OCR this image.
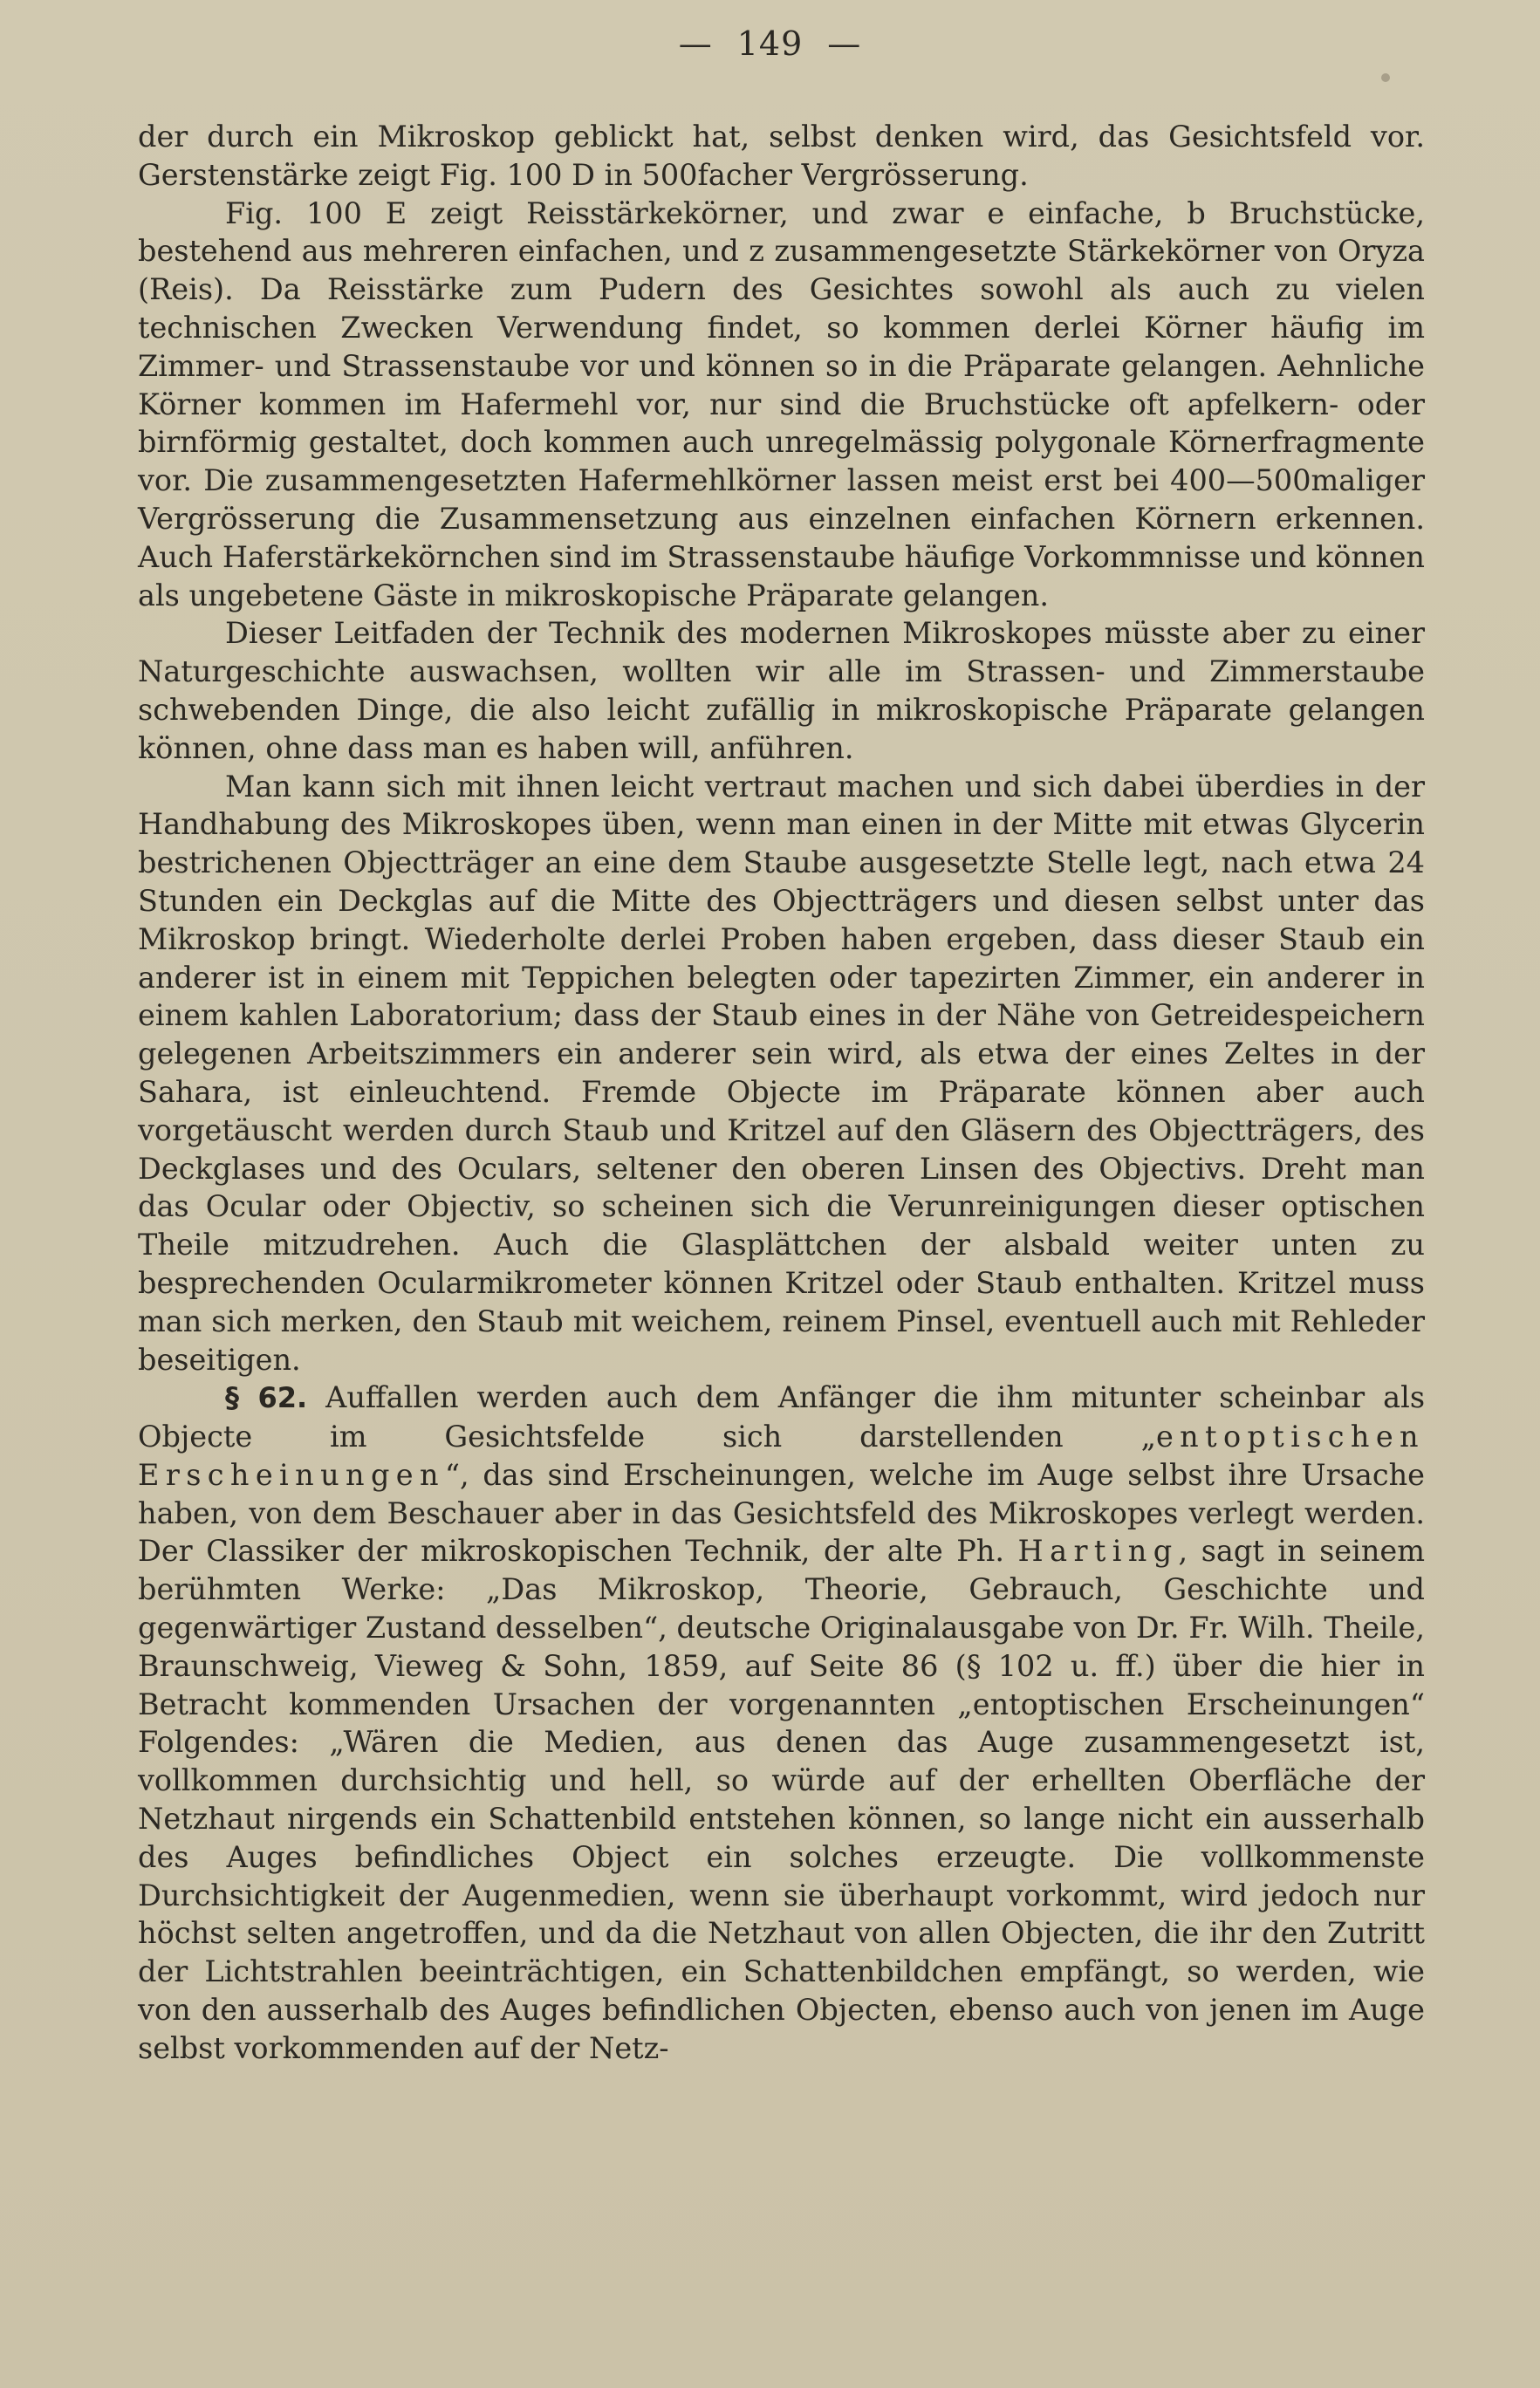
— 149 —

der durch ein Mikroskop geblickt hat, selbst denken wird, das Gesichtsfeld vor. Gerstenstärke zeigt Fig. 100 D in 500facher Vergrösserung.

Fig. 100 E zeigt Reisstärkekörner, und zwar e einfache, b Bruchstücke, bestehend aus mehreren einfachen, und z zusammengesetzte Stärkekörner von Oryza (Reis). Da Reisstärke zum Pudern des Gesichtes sowohl als auch zu vielen technischen Zwecken Verwendung findet, so kommen derlei Körner häufig im Zimmer- und Strassenstaube vor und können so in die Präparate gelangen. Aehnliche Körner kommen im Hafermehl vor, nur sind die Bruchstücke oft apfelkern- oder birnförmig gestaltet, doch kommen auch unregelmässig polygonale Körnerfragmente vor. Die zusammengesetzten Hafermehlkörner lassen meist erst bei 400—500maliger Vergrösserung die Zusammensetzung aus einzelnen einfachen Körnern erkennen. Auch Haferstärkekörnchen sind im Strassenstaube häufige Vorkommnisse und können als ungebetene Gäste in mikroskopische Präparate gelangen.

Dieser Leitfaden der Technik des modernen Mikroskopes müsste aber zu einer Naturgeschichte auswachsen, wollten wir alle im Strassen- und Zimmerstaube schwebenden Dinge, die also leicht zufällig in mikroskopische Präparate gelangen können, ohne dass man es haben will, anführen.

Man kann sich mit ihnen leicht vertraut machen und sich dabei überdies in der Handhabung des Mikroskopes üben, wenn man einen in der Mitte mit etwas Glycerin bestrichenen Objectträger an eine dem Staube ausgesetzte Stelle legt, nach etwa 24 Stunden ein Deckglas auf die Mitte des Objectträgers und diesen selbst unter das Mikroskop bringt. Wiederholte derlei Proben haben ergeben, dass dieser Staub ein anderer ist in einem mit Teppichen belegten oder tapezirten Zimmer, ein anderer in einem kahlen Laboratorium; dass der Staub eines in der Nähe von Getreidespeichern gelegenen Arbeitszimmers ein anderer sein wird, als etwa der eines Zeltes in der Sahara, ist einleuchtend. Fremde Objecte im Präparate können aber auch vorgetäuscht werden durch Staub und Kritzel auf den Gläsern des Objectträgers, des Deckglases und des Oculars, seltener den oberen Linsen des Objectivs. Dreht man das Ocular oder Objectiv, so scheinen sich die Verunreinigungen dieser optischen Theile mitzudrehen. Auch die Glasplättchen der alsbald weiter unten zu besprechenden Ocularmikrometer können Kritzel oder Staub enthalten. Kritzel muss man sich merken, den Staub mit weichem, reinem Pinsel, eventuell auch mit Rehleder beseitigen.

§ 62. Auffallen werden auch dem Anfänger die ihm mitunter scheinbar als Objecte im Gesichtsfelde sich darstellenden „entoptischen Erscheinungen“, das sind Erscheinungen, welche im Auge selbst ihre Ursache haben, von dem Beschauer aber in das Gesichtsfeld des Mikroskopes verlegt werden. Der Classiker der mikroskopischen Technik, der alte Ph. Harting, sagt in seinem berühmten Werke: „Das Mikroskop, Theorie, Gebrauch, Geschichte und gegenwärtiger Zustand desselben“, deutsche Originalausgabe von Dr. Fr. Wilh. Theile, Braunschweig, Vieweg & Sohn, 1859, auf Seite 86 (§ 102 u. ff.) über die hier in Betracht kommenden Ursachen der vorgenannten „entoptischen Erscheinungen“ Folgendes: „Wären die Medien, aus denen das Auge zusammengesetzt ist, vollkommen durchsichtig und hell, so würde auf der erhellten Oberfläche der Netzhaut nirgends ein Schattenbild entstehen können, so lange nicht ein ausserhalb des Auges befindliches Object ein solches erzeugte. Die vollkommenste Durchsichtigkeit der Augenmedien, wenn sie überhaupt vorkommt, wird jedoch nur höchst selten angetroffen, und da die Netzhaut von allen Objecten, die ihr den Zutritt der Lichtstrahlen beeinträchtigen, ein Schattenbildchen empfängt, so werden, wie von den ausserhalb des Auges befindlichen Objecten, ebenso auch von jenen im Auge selbst vorkommenden auf der Netz-
